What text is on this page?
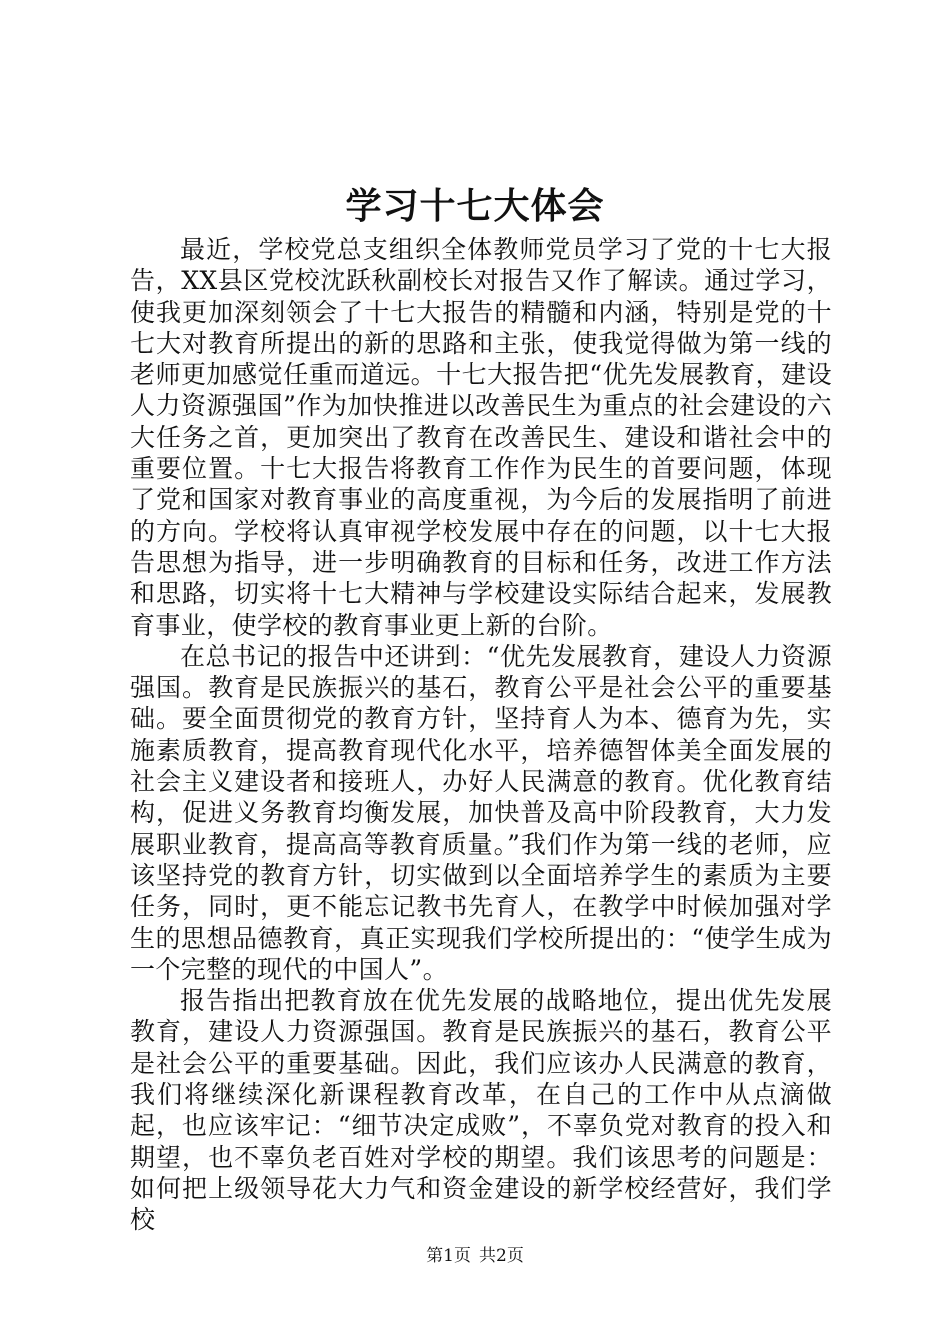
学习十七大体会

最近，学校党总支组织全体教师党员学习了党的十七大报告，XX县区党校沈跃秋副校长对报告又作了解读。通过学习，使我更加深刻领会了十七大报告的精髓和内涵，特别是党的十七大对教育所提出的新的思路和主张，使我觉得做为第一线的老师更加感觉任重而道远。十七大报告把“优先发展教育，建设人力资源强国”作为加快推进以改善民生为重点的社会建设的六大任务之首，更加突出了教育在改善民生、建设和谐社会中的重要位置。十七大报告将教育工作作为民生的首要问题，体现了党和国家对教育事业的高度重视，为今后的发展指明了前进的方向。学校将认真审视学校发展中存在的问题，以十七大报告思想为指导，进一步明确教育的目标和任务，改进工作方法和思路，切实将十七大精神与学校建设实际结合起来，发展教育事业，使学校的教育事业更上新的台阶。

在总书记的报告中还讲到：“优先发展教育，建设人力资源强国。教育是民族振兴的基石，教育公平是社会公平的重要基础。要全面贯彻党的教育方针，坚持育人为本、德育为先，实施素质教育，提高教育现代化水平，培养德智体美全面发展的社会主义建设者和接班人，办好人民满意的教育。优化教育结构，促进义务教育均衡发展，加快普及高中阶段教育，大力发展职业教育，提高高等教育质量。”我们作为第一线的老师，应该坚持党的教育方针，切实做到以全面培养学生的素质为主要任务，同时，更不能忘记教书先育人，在教学中时候加强对学生的思想品德教育，真正实现我们学校所提出的：“使学生成为一个完整的现代的中国人”。

报告指出把教育放在优先发展的战略地位，提出优先发展教育，建设人力资源强国。教育是民族振兴的基石，教育公平是社会公平的重要基础。因此，我们应该办人民满意的教育，我们将继续深化新课程教育改革，在自己的工作中从点滴做起，也应该牢记：“细节决定成败”，不辜负党对教育的投入和期望，也不辜负老百姓对学校的期望。我们该思考的问题是：如何把上级领导花大力气和资金建设的新学校经营好，我们学校

第1页 共2页
